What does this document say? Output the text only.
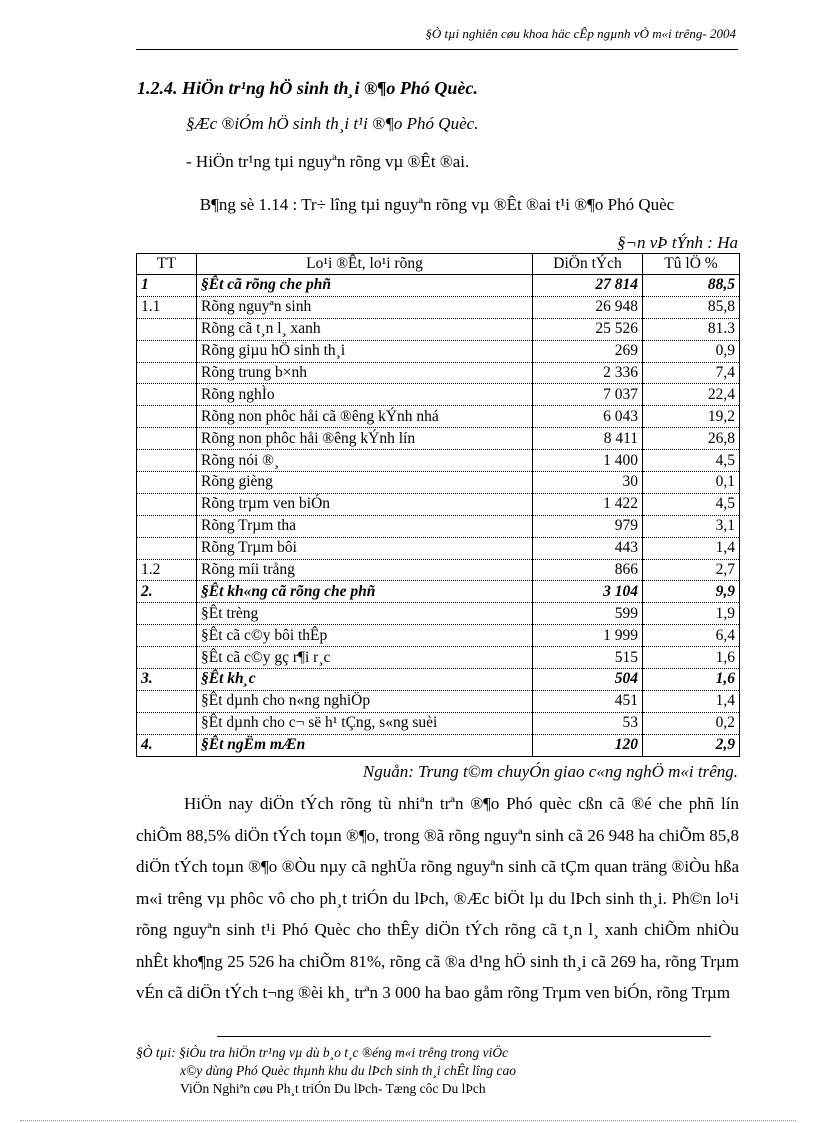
§Ò tµi nghiên cøu khoa häc cÊp ngµnh vÒ m«i trêng- 2004
1.2.4. HiÖn tr¹ng hÖ sinh th¸i ®¶o Phó Quèc.
§Æc ®iÓm hÖ sinh th¸i t¹i ®¶o Phó Quèc.
- HiÖn tr¹ng tµi nguyªn rõng vµ ®Êt ®ai.
B¶ng sè 1.14 : Tr÷ lîng tµi nguyªn rõng vµ ®Êt ®ai t¹i ®¶o Phó Quèc
§¬n vÞ tÝnh : Ha
TT	Lo¹i ®Êt, lo¹i rõng	DiÖn tÝch	Tû lÖ %
1	§Êt cã rõng che phñ	27 814	88,5
1.1	Rõng nguyªn sinh	26 948	85,8
	Rõng cã t¸n l¸ xanh	25 526	81.3
	Rõng giµu hÖ sinh th¸i	269	0,9
	Rõng trung b×nh	2 336	7,4
	Rõng nghÌo	7 037	22,4
	Rõng non phôc håi cã ®êng kÝnh nhá	6 043	19,2
	Rõng non phôc håi ®êng kÝnh lín	8 411	26,8
	Rõng nói ®¸	1 400	4,5
	Rõng gièng	30	0,1
	Rõng trµm ven biÓn	1 422	4,5
	Rõng Trµm tha	979	3,1
	Rõng Trµm bôi	443	1,4
1.2	Rõng míi trång	866	2,7
2.	§Êt kh«ng cã rõng che phñ	3 104	9,9
	§Êt trèng	599	1,9
	§Êt cã c©y bôi thÊp	1 999	6,4
	§Êt cã c©y gç r¶i r¸c	515	1,6
3.	§Êt kh¸c	504	1,6
	§Êt dµnh cho n«ng nghiÖp	451	1,4
	§Êt dµnh cho c¬ së h¹ tÇng, s«ng suèi	53	0,2
4.	§Êt ngËm mÆn	120	2,9
Nguån: Trung t©m chuyÓn giao c«ng nghÖ m«i trêng.

HiÖn nay diÖn tÝch rõng tù nhiªn trªn ®¶o Phó quèc cßn cã ®é che phñ lín chiÕm 88,5% diÖn tÝch toµn ®¶o, trong ®ã rõng nguyªn sinh cã 26 948 ha chiÕm 85,8 diÖn tÝch toµn ®¶o ®Òu nµy cã nghÜa rõng nguyªn sinh cã tÇm quan träng ®iÒu hßa m«i trêng vµ phôc vô cho ph¸t triÓn du lÞch, ®Æc biÖt lµ du lÞch sinh th¸i. Ph©n lo¹i rõng nguyªn sinh t¹i Phó Quèc cho thÊy diÖn tÝch rõng cã t¸n l¸ xanh chiÕm nhiÒu nhÊt kho¶ng 25 526 ha chiÕm 81%, rõng cã ®a d¹ng hÖ sinh th¸i cã 269 ha, rõng Trµm vÉn cã diÖn tÝch t¬ng ®èi kh¸ trªn 3 000 ha bao gåm rõng Trµm ven biÓn, rõng Trµm

§Ò tµi: §iÒu tra hiÖn tr¹ng vµ dù b¸o t¸c ®éng m«i trêng trong viÖc
x©y dùng Phó Quèc thµnh khu du lÞch sinh th¸i chÊt lîng cao
ViÖn Nghiªn cøu Ph¸t triÓn Du lÞch- Tæng côc Du lÞch
